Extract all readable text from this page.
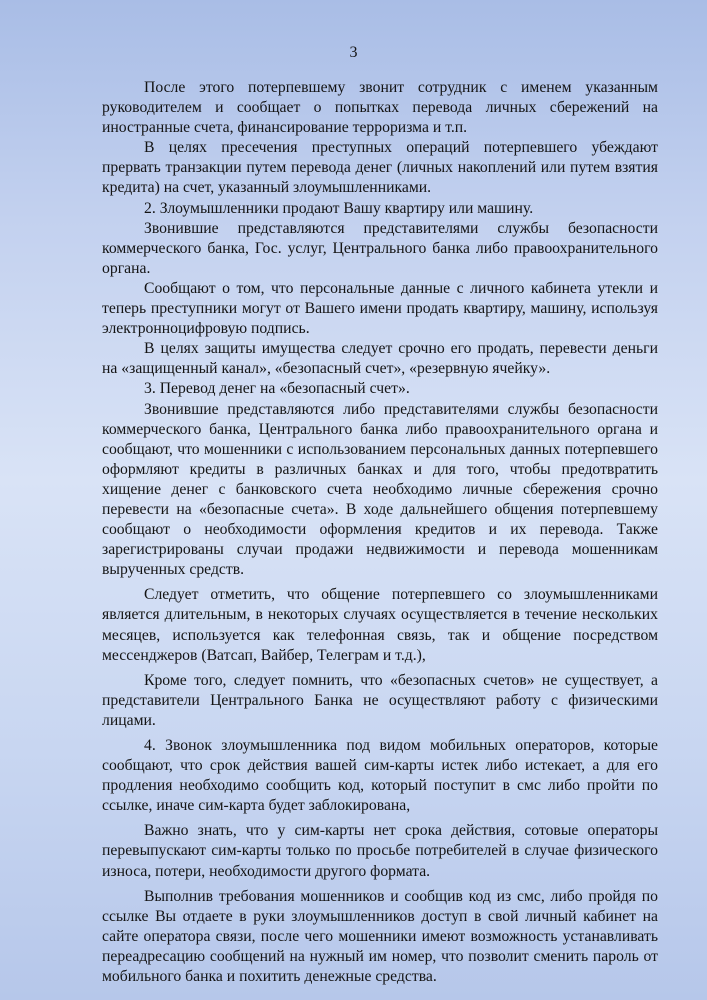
3

После этого потерпевшему звонит сотрудник с именем указанным руководителем и сообщает о попытках перевода личных сбережений на иностранные счета, финансирование терроризма и т.п.

В целях пресечения преступных операций потерпевшего убеждают прервать транзакции путем перевода денег (личных накоплений или путем взятия кредита) на счет, указанный злоумышленниками.

2. Злоумышленники продают Вашу квартиру или машину.

Звонившие представляются представителями службы безопасности коммерческого банка, Гос. услуг, Центрального банка либо правоохранительного органа.

Сообщают о том, что персональные данные с личного кабинета утекли и теперь преступники могут от Вашего имени продать квартиру, машину, используя электронноцифровую подпись.

В целях защиты имущества следует срочно его продать, перевести деньги на «защищенный канал», «безопасный счет», «резервную ячейку».

3. Перевод денег на «безопасный счет».

Звонившие представляются либо представителями службы безопасности коммерческого банка, Центрального банка либо правоохранительного органа и сообщают, что мошенники с использованием персональных данных потерпевшего оформляют кредиты в различных банках и для того, чтобы предотвратить хищение денег с банковского счета необходимо личные сбережения срочно перевести на «безопасные счета». В ходе дальнейшего общения потерпевшему сообщают о необходимости оформления кредитов и их перевода. Также зарегистрированы случаи продажи недвижимости и перевода мошенникам вырученных средств.

Следует отметить, что общение потерпевшего со злоумышленниками является длительным, в некоторых случаях осуществляется в течение нескольких месяцев, используется как телефонная связь, так и общение посредством мессенджеров (Ватсап, Вайбер, Телеграм и т.д.),

Кроме того, следует помнить, что «безопасных счетов» не существует, а представители Центрального Банка не осуществляют работу с физическими лицами.

4. Звонок злоумышленника под видом мобильных операторов, которые сообщают, что срок действия вашей сим-карты истек либо истекает, а для его продления необходимо сообщить код, который поступит в смс либо пройти по ссылке, иначе сим-карта будет заблокирована,

Важно знать, что у сим-карты нет срока действия, сотовые операторы перевыпускают сим-карты только по просьбе потребителей в случае физического износа, потери, необходимости другого формата.

Выполнив требования мошенников и сообщив код из смс, либо пройдя по ссылке Вы отдаете в руки злоумышленников доступ в свой личный кабинет на сайте оператора связи, после чего мошенники имеют возможность устанавливать переадресацию сообщений на нужный им номер, что позволит сменить пароль от мобильного банка и похитить денежные средства.
